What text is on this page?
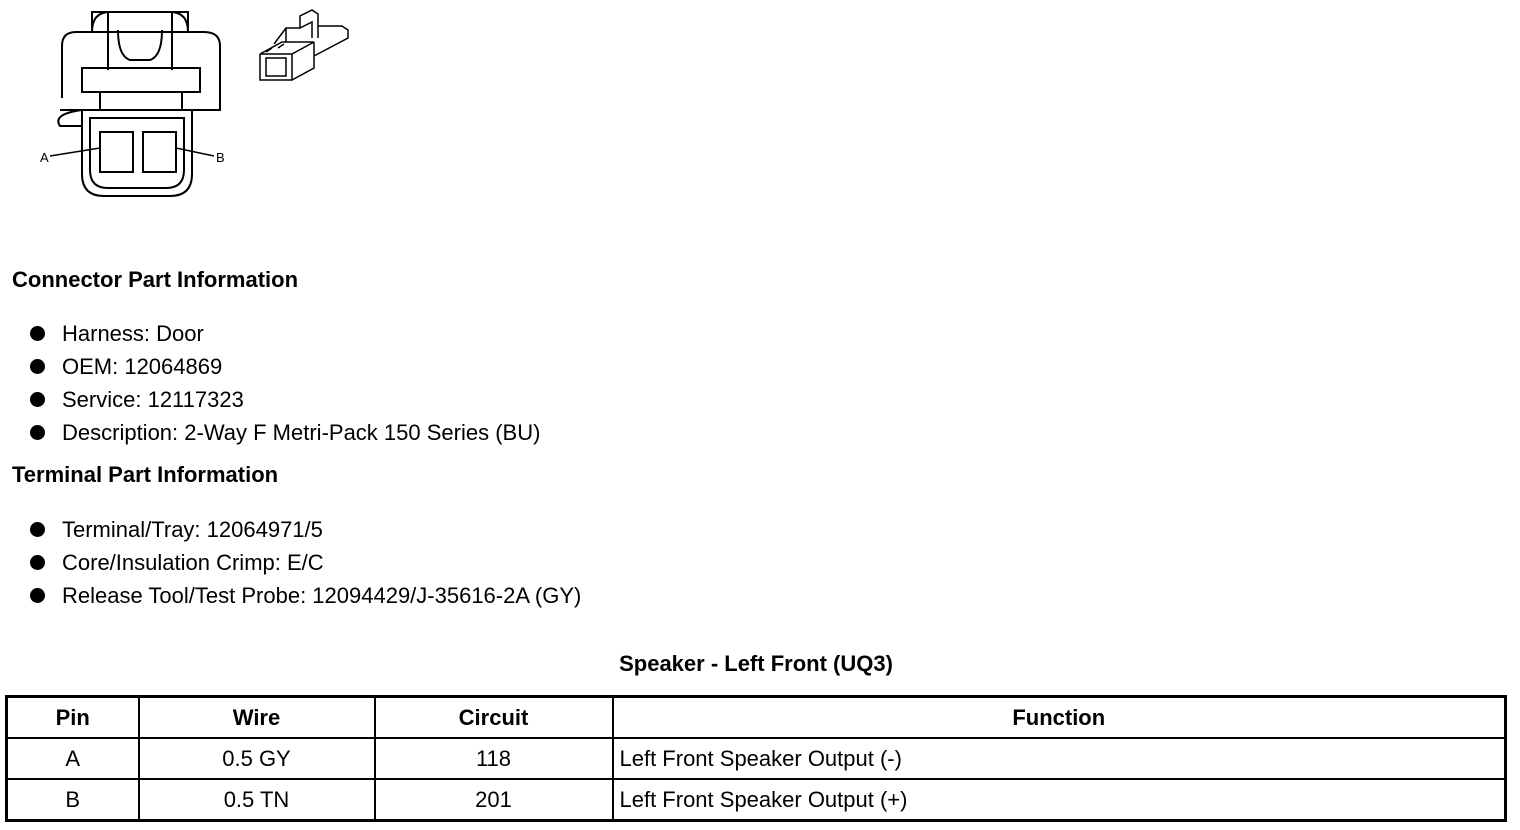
A	B
Connector Part Information
Harness: Door
OEM: 12064869
Service: 12117323
Description: 2-Way F Metri-Pack 150 Series (BU)
Terminal Part Information
Terminal/Tray: 12064971/5
Core/Insulation Crimp: E/C
Release Tool/Test Probe: 12094429/J-35616-2A (GY)
Speaker - Left Front (UQ3)
Pin	Wire	Circuit	Function
A	0.5 GY	118	Left Front Speaker Output (-)
B	0.5 TN	201	Left Front Speaker Output (+)
